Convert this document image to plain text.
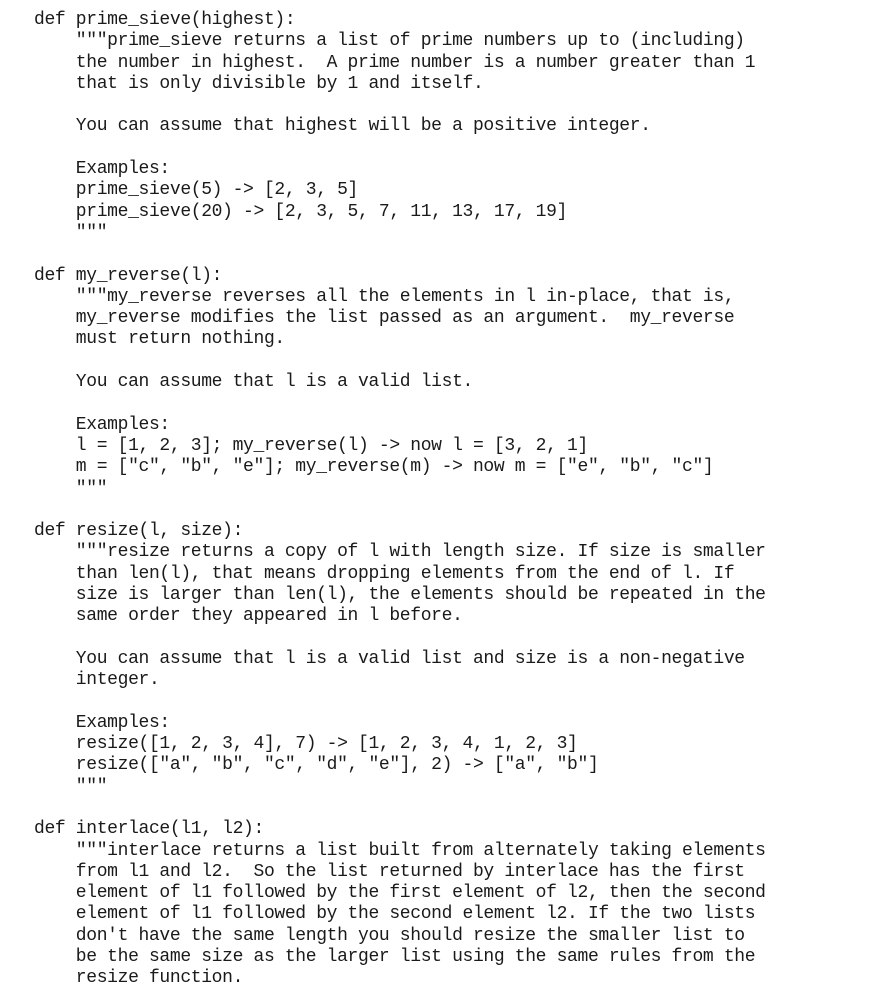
def prime_sieve(highest):
"""prime_sieve returns a list of prime numbers up to (including)
the number in highest.  A prime number is a number greater than 1
that is only divisible by 1 and itself.
You can assume that highest will be a positive integer.
Examples:
prime_sieve(5) -> [2, 3, 5]
prime_sieve(20) -> [2, 3, 5, 7, 11, 13, 17, 19]
"""
def my_reverse(l):
"""my_reverse reverses all the elements in l in-place, that is,
my_reverse modifies the list passed as an argument.  my_reverse
must return nothing.
You can assume that l is a valid list.
Examples:
l = [1, 2, 3]; my_reverse(l) -> now l = [3, 2, 1]
m = ["c", "b", "e"]; my_reverse(m) -> now m = ["e", "b", "c"]
"""
def resize(l, size):
"""resize returns a copy of l with length size. If size is smaller
than len(l), that means dropping elements from the end of l. If
size is larger than len(l), the elements should be repeated in the
same order they appeared in l before.
You can assume that l is a valid list and size is a non-negative
integer.
Examples:
resize([1, 2, 3, 4], 7) -> [1, 2, 3, 4, 1, 2, 3]
resize(["a", "b", "c", "d", "e"], 2) -> ["a", "b"]
"""
def interlace(l1, l2):
"""interlace returns a list built from alternately taking elements
from l1 and l2.  So the list returned by interlace has the first
element of l1 followed by the first element of l2, then the second
element of l1 followed by the second element l2. If the two lists
don't have the same length you should resize the smaller list to
be the same size as the larger list using the same rules from the
resize function.
